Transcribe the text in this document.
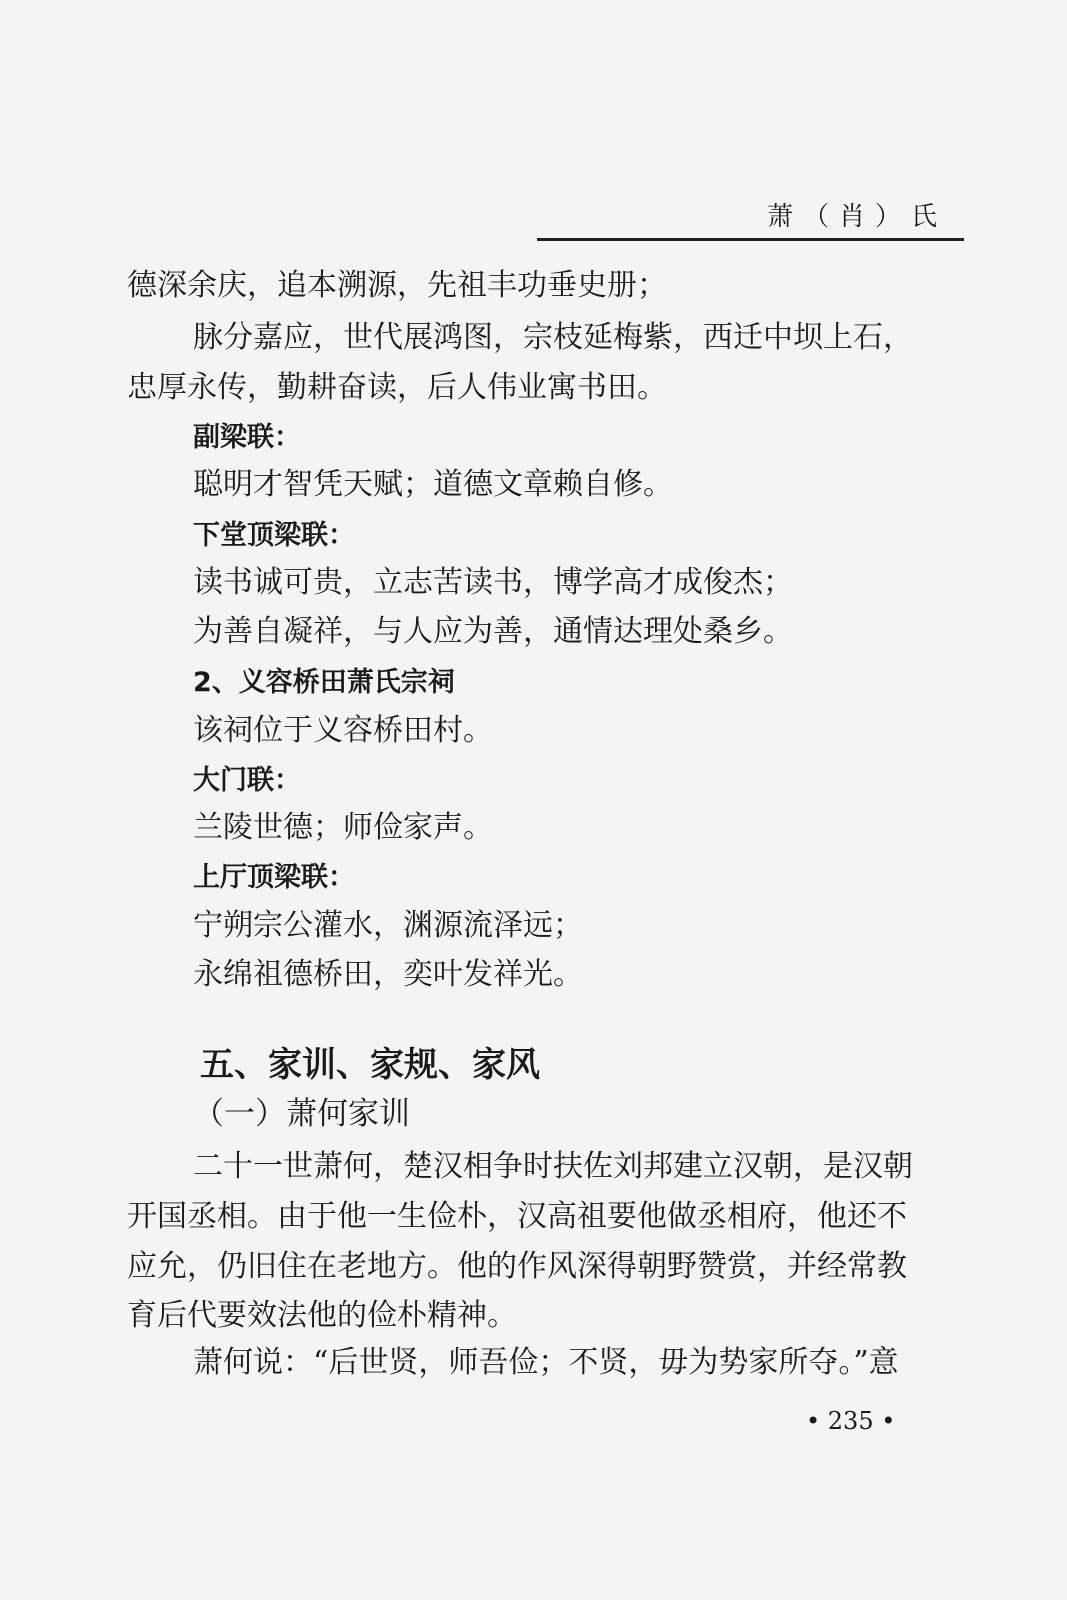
萧（肖）氏
德深余庆，追本溯源，先祖丰功垂史册；
脉分嘉应，世代展鸿图，宗枝延梅紫，西迁中坝上石，
忠厚永传，勤耕奋读，后人伟业寓书田。
副梁联：
聪明才智凭天赋；道德文章赖自修。
下堂顶梁联：
读书诚可贵，立志苦读书，博学高才成俊杰；
为善自凝祥，与人应为善，通情达理处桑乡。
2、义容桥田萧氏宗祠
该祠位于义容桥田村。
大门联：
兰陵世德；师俭家声。
上厅顶梁联：
宁朔宗公灌水，渊源流泽远；
永绵祖德桥田，奕叶发祥光。
五、家训、家规、家风
（一）萧何家训
二十一世萧何，楚汉相争时扶佐刘邦建立汉朝，是汉朝
开国丞相。由于他一生俭朴，汉高祖要他做丞相府，他还不
应允，仍旧住在老地方。他的作风深得朝野赞赏，并经常教
育后代要效法他的俭朴精神。
萧何说：“后世贤，师吾俭；不贤，毋为势家所夺。”意
• 235 •
